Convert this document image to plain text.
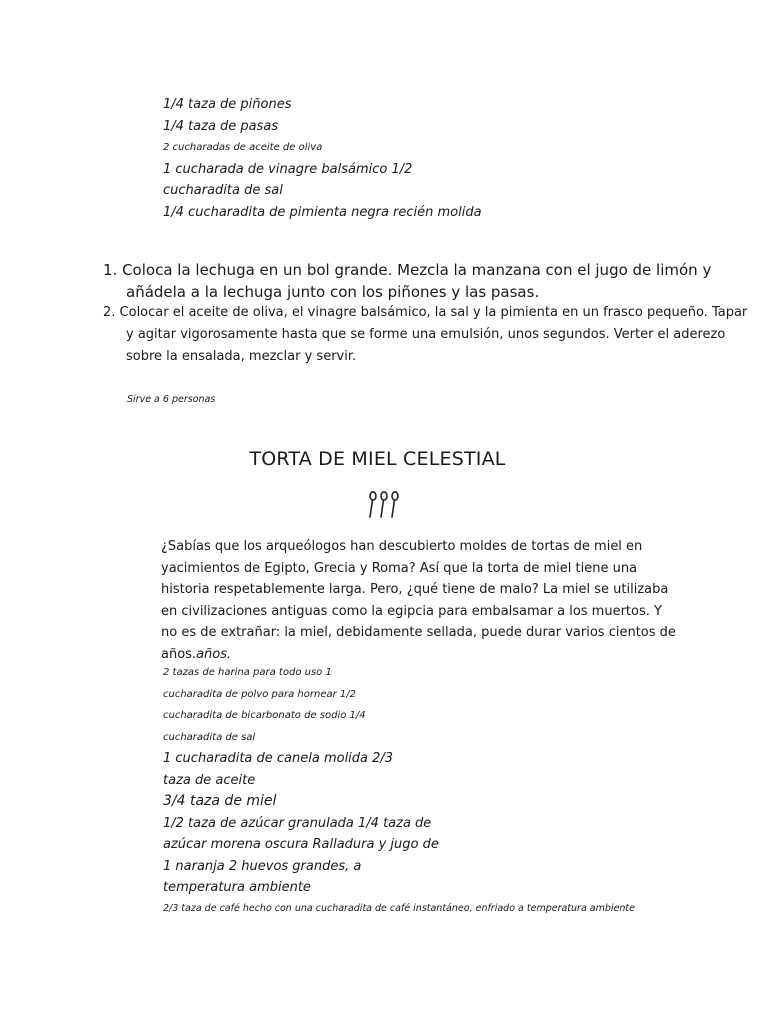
1/4 taza de piñones
1/4 taza de pasas
2 cucharadas de aceite de oliva
1 cucharada de vinagre balsámico 1/2
cucharadita de sal
1/4 cucharadita de pimienta negra recién molida
1. Coloca la lechuga en un bol grande. Mezcla la manzana con el jugo de limón y
añádela a la lechuga junto con los piñones y las pasas.
2. Colocar el aceite de oliva, el vinagre balsámico, la sal y la pimienta en un frasco pequeño. Tapar
y agitar vigorosamente hasta que se forme una emulsión, unos segundos. Verter el aderezo
sobre la ensalada, mezclar y servir.
Sirve a 6 personas
TORTA DE MIEL CELESTIAL
¿Sabías que los arqueólogos han descubierto moldes de tortas de miel en yacimientos de Egipto, Grecia y Roma? Así que la torta de miel tiene una historia respetablemente larga. Pero, ¿qué tiene de malo? La miel se utilizaba en civilizaciones antiguas como la egipcia para embalsamar a los muertos. Y no es de extrañar: la miel, debidamente sellada, puede durar varios cientos de años.años.
2 tazas de harina para todo uso 1
cucharadita de polvo para hornear 1/2
cucharadita de bicarbonato de sodio 1/4
cucharadita de sal
1 cucharadita de canela molida 2/3
taza de aceite
3/4 taza de miel
1/2 taza de azúcar granulada 1/4 taza de
azúcar morena oscura Ralladura y jugo de
1 naranja 2 huevos grandes, a
temperatura ambiente
2/3 taza de café hecho con una cucharadita de café instantáneo, enfriado a temperatura ambiente
